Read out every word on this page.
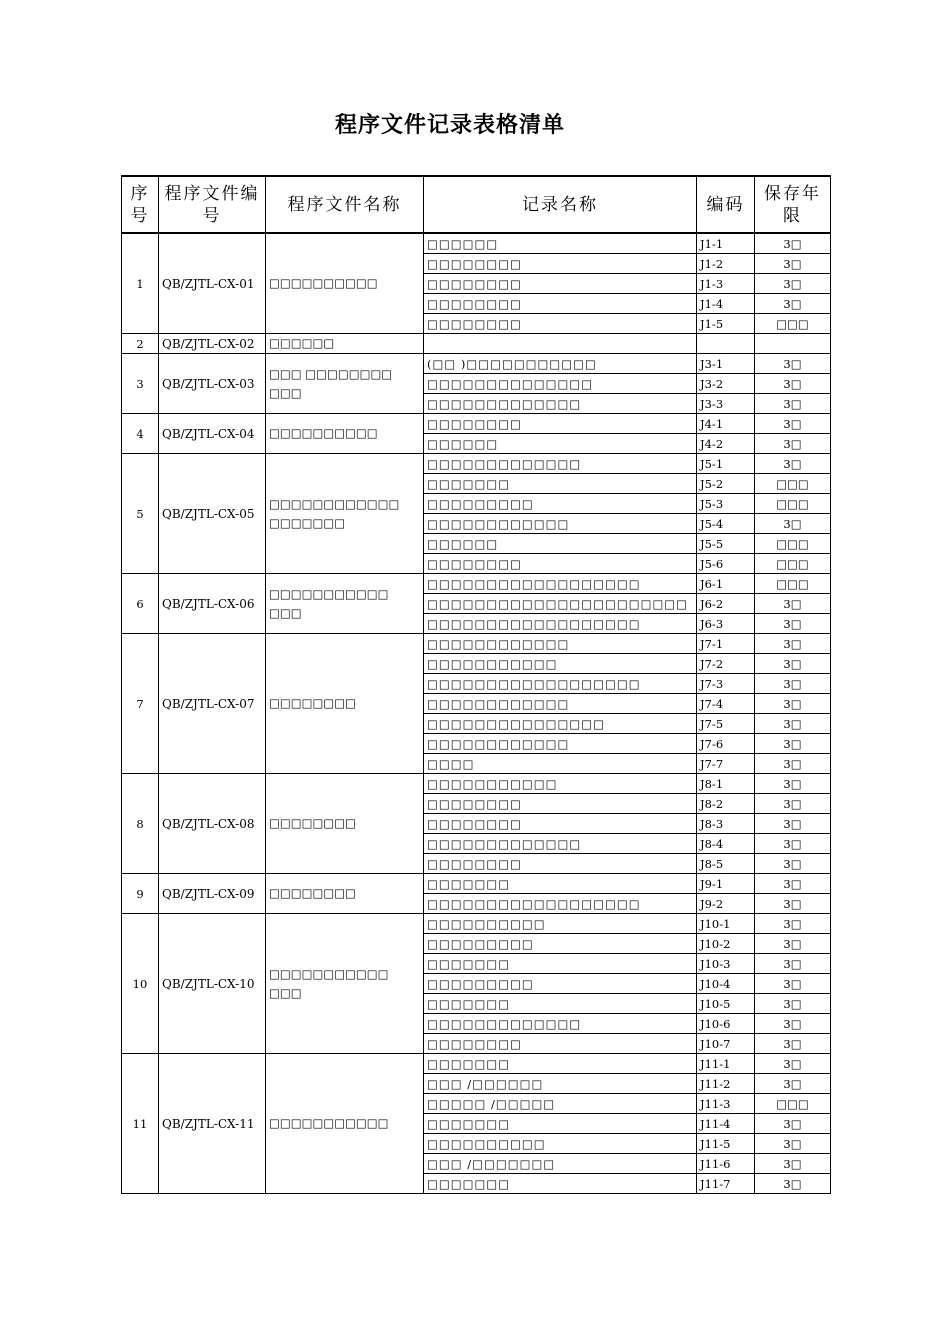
程序文件记录表格清单
序号	程序文件编号	程序文件名称	记录名称	编码	保存年限
1	QB/ZJTL-CX-01	□□□□□□□□□□	□□□□□□	J1-1	3□
			□□□□□□□□	J1-2	3□
			□□□□□□□□	J1-3	3□
			□□□□□□□□	J1-4	3□
			□□□□□□□□	J1-5	□□□
2	QB/ZJTL-CX-02	□□□□□□			
3	QB/ZJTL-CX-03	□□□ □□□□□□□□ □□□	(□□ )□□□□□□□□□□□	J3-1	3□
			□□□□□□□□□□□□□□	J3-2	3□
			□□□□□□□□□□□□□	J3-3	3□
4	QB/ZJTL-CX-04	□□□□□□□□□□	□□□□□□□□	J4-1	3□
			□□□□□□	J4-2	3□
5	QB/ZJTL-CX-05	□□□□□□□□□□□□ □□□□□□□	□□□□□□□□□□□□□	J5-1	3□
			□□□□□□□	J5-2	□□□
			□□□□□□□□□	J5-3	□□□
			□□□□□□□□□□□□	J5-4	3□
			□□□□□□	J5-5	□□□
			□□□□□□□□	J5-6	□□□
6	QB/ZJTL-CX-06	□□□□□□□□□□□ □□□	□□□□□□□□□□□□□□□□□□	J6-1	□□□
			□□□□□□□□□□□□□□□□□□□□□□	J6-2	3□
			□□□□□□□□□□□□□□□□□□	J6-3	3□
7	QB/ZJTL-CX-07	□□□□□□□□	□□□□□□□□□□□□	J7-1	3□
			□□□□□□□□□□□	J7-2	3□
			□□□□□□□□□□□□□□□□□□	J7-3	3□
			□□□□□□□□□□□□	J7-4	3□
			□□□□□□□□□□□□□□□	J7-5	3□
			□□□□□□□□□□□□	J7-6	3□
			□□□□	J7-7	3□
8	QB/ZJTL-CX-08	□□□□□□□□	□□□□□□□□□□□	J8-1	3□
			□□□□□□□□	J8-2	3□
			□□□□□□□□	J8-3	3□
			□□□□□□□□□□□□□	J8-4	3□
			□□□□□□□□	J8-5	3□
9	QB/ZJTL-CX-09	□□□□□□□□	□□□□□□□	J9-1	3□
			□□□□□□□□□□□□□□□□□□	J9-2	3□
10	QB/ZJTL-CX-10	□□□□□□□□□□□ □□□	□□□□□□□□□□	J10-1	3□
			□□□□□□□□□	J10-2	3□
			□□□□□□□	J10-3	3□
			□□□□□□□□□	J10-4	3□
			□□□□□□□	J10-5	3□
			□□□□□□□□□□□□□	J10-6	3□
			□□□□□□□□	J10-7	3□
11	QB/ZJTL-CX-11	□□□□□□□□□□□	□□□□□□□	J11-1	3□
			□□□ /□□□□□□	J11-2	3□
			□□□□□ /□□□□□	J11-3	□□□
			□□□□□□□	J11-4	3□
			□□□□□□□□□□	J11-5	3□
			□□□ /□□□□□□□	J11-6	3□
			□□□□□□□	J11-7	3□
